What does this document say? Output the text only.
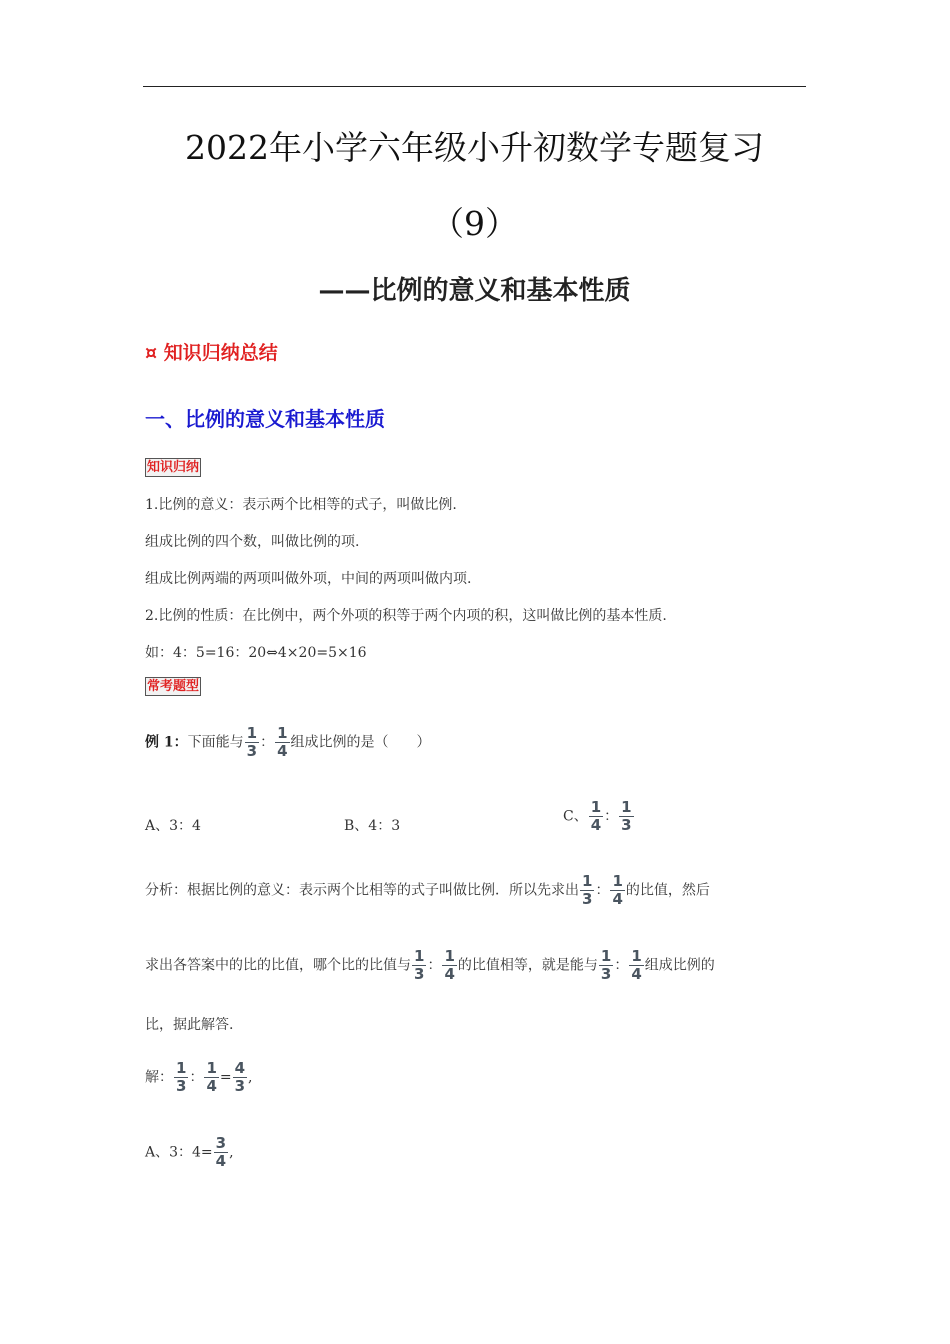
2022年小学六年级小升初数学专题复习
（9）
——比例的意义和基本性质
¤ 知识归纳总结
一、比例的意义和基本性质
知识归纳
1.比例的意义：表示两个比相等的式子，叫做比例.
组成比例的四个数，叫做比例的项.
组成比例两端的两项叫做外项，中间的两项叫做内项.
2.比例的性质：在比例中，两个外项的积等于两个内项的积，这叫做比例的基本性质.
如：4：5=16：20⇔4×20=5×16
常考题型
例 1：下面能与 $\frac{1}{3}$ ： $\frac{1}{4}$ 组成比例的是（　　）
A、3：4	B、4：3
C、 $\frac{1}{4}$ ： $\frac{1}{3}$
分析：根据比例的意义：表示两个比相等的式子叫做比例．所以先求出 $\frac{1}{3}$ ： $\frac{1}{4}$ 的比值，然后
求出各答案中的比的比值，哪个比的比值与 $\frac{1}{3}$ ： $\frac{1}{4}$ 的比值相等，就是能与 $\frac{1}{3}$ ： $\frac{1}{4}$ 组成比例的
比，据此解答.
解： $\frac{1}{3}$ ： $\frac{1}{4} = \frac{4}{3}$ ,
A、3：$4= \frac{3}{4}$ ,
